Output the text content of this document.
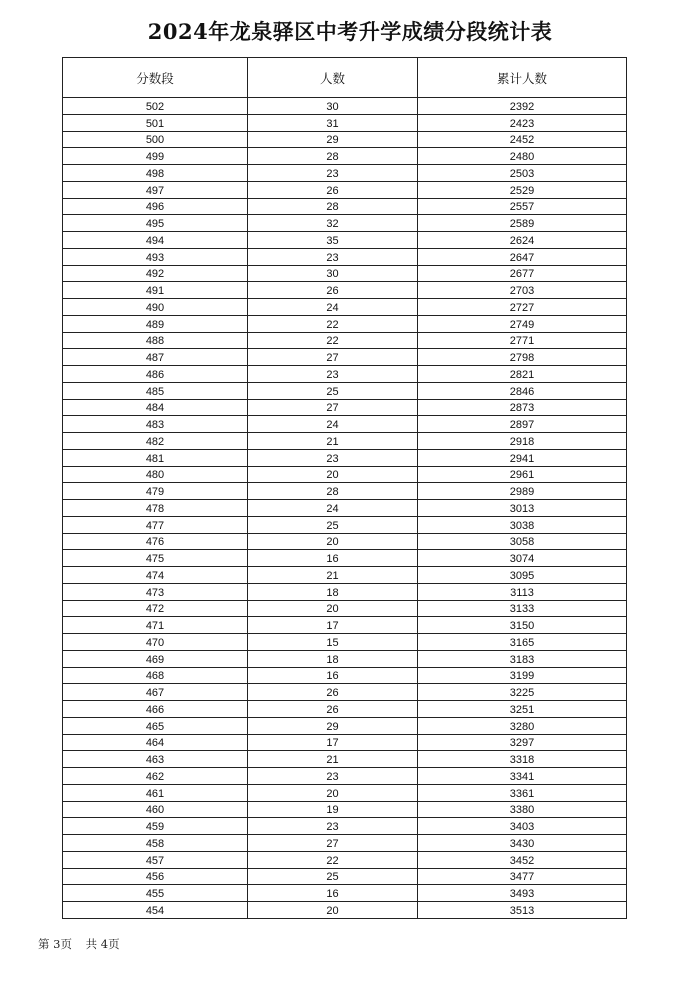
2024年龙泉驿区中考升学成绩分段统计表
分数段	人数	累计人数
502	30	2392
501	31	2423
500	29	2452
499	28	2480
498	23	2503
497	26	2529
496	28	2557
495	32	2589
494	35	2624
493	23	2647
492	30	2677
491	26	2703
490	24	2727
489	22	2749
488	22	2771
487	27	2798
486	23	2821
485	25	2846
484	27	2873
483	24	2897
482	21	2918
481	23	2941
480	20	2961
479	28	2989
478	24	3013
477	25	3038
476	20	3058
475	16	3074
474	21	3095
473	18	3113
472	20	3133
471	17	3150
470	15	3165
469	18	3183
468	16	3199
467	26	3225
466	26	3251
465	29	3280
464	17	3297
463	21	3318
462	23	3341
461	20	3361
460	19	3380
459	23	3403
458	27	3430
457	22	3452
456	25	3477
455	16	3493
454	20	3513
第 3页 共 4页
